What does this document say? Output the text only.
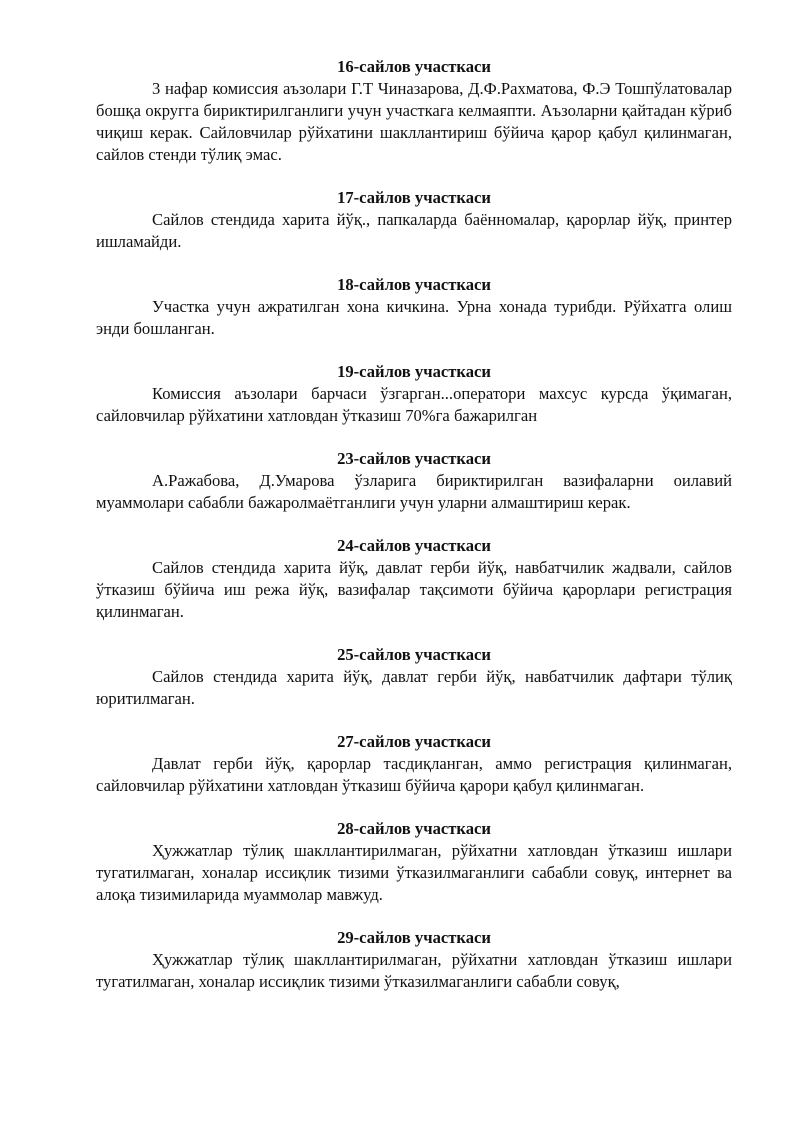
16-сайлов участкаси

3 нафар комиссия аъзолари Г.Т Чиназарова, Д.Ф.Рахматова, Ф.Э Тошпўлатовалар бошқа округга бириктирилганлиги учун участкага келмаяпти. Аъзоларни қайтадан кўриб чиқиш керак. Сайловчилар рўйхатини шакллантириш бўйича қарор қабул қилинмаган, сайлов стенди тўлиқ эмас.

17-сайлов участкаси

Сайлов стендида харита йўқ., папкаларда баённомалар, қарорлар йўқ, принтер ишламайди.

18-сайлов участкаси

Участка учун ажратилган хона кичкина. Урна хонада турибди. Рўйхатга олиш энди бошланган.

19-сайлов участкаси

Комиссия аъзолари барчаси ўзгарган...оператори махсус курсда ўқимаган, сайловчилар рўйхатини хатловдан ўтказиш 70%га бажарилган

23-сайлов участкаси

А.Ражабова, Д.Умарова ўзларига бириктирилган вазифаларни оилавий муаммолари сабабли бажаролмаётганлиги учун уларни алмаштириш керак.

24-сайлов участкаси

Сайлов стендида харита йўқ, давлат герби йўқ, навбатчилик жадвали, сайлов ўтказиш бўйича иш режа йўқ, вазифалар тақсимоти бўйича қарорлари регистрация қилинмаган.

25-сайлов участкаси

Сайлов стендида харита йўқ, давлат герби йўқ, навбатчилик дафтари тўлиқ юритилмаган.

27-сайлов участкаси

Давлат герби йўқ, қарорлар тасдиқланган, аммо регистрация қилинмаган, сайловчилар рўйхатини хатловдан ўтказиш бўйича қарори қабул қилинмаган.

28-сайлов участкаси

Ҳужжатлар тўлиқ шакллантирилмаган, рўйхатни хатловдан ўтказиш ишлари тугатилмаган, хоналар иссиқлик тизими ўтказилмаганлиги сабабли совуқ, интернет ва алоқа тизимиларида муаммолар мавжуд.

29-сайлов участкаси

Ҳужжатлар тўлиқ шакллантирилмаган, рўйхатни хатловдан ўтказиш ишлари тугатилмаган, хоналар иссиқлик тизими ўтказилмаганлиги сабабли совуқ,
